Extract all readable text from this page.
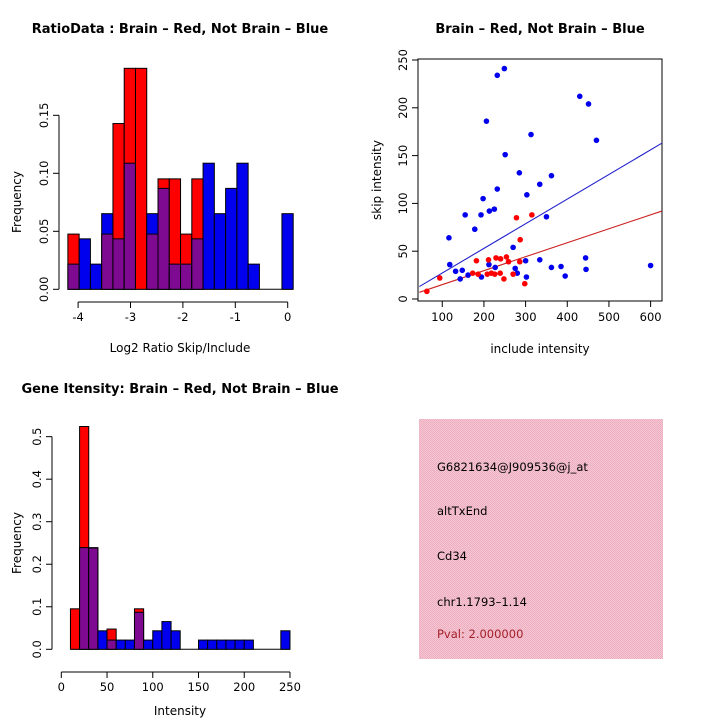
-4	-3	-2	-1	0
0.00
0.05
0.10
0.15
RatioData : Brain – Red, Not Brain – Blue
Log2 Ratio Skip/Include
Frequency
100 200 300 400 500 600
0
50
100
150
200
250
Brain – Red, Not Brain – Blue
include intensity
skip intensity
0	50 100 150 200 250
0.0
0.1
0.2
0.3
0.4
0.5
Gene Itensity: Brain – Red, Not Brain – Blue
Intensity
Frequency
G6821634@J909536@j_at
altTxEnd
Cd34
chr1.1793–1.14
Pval: 2.000000
